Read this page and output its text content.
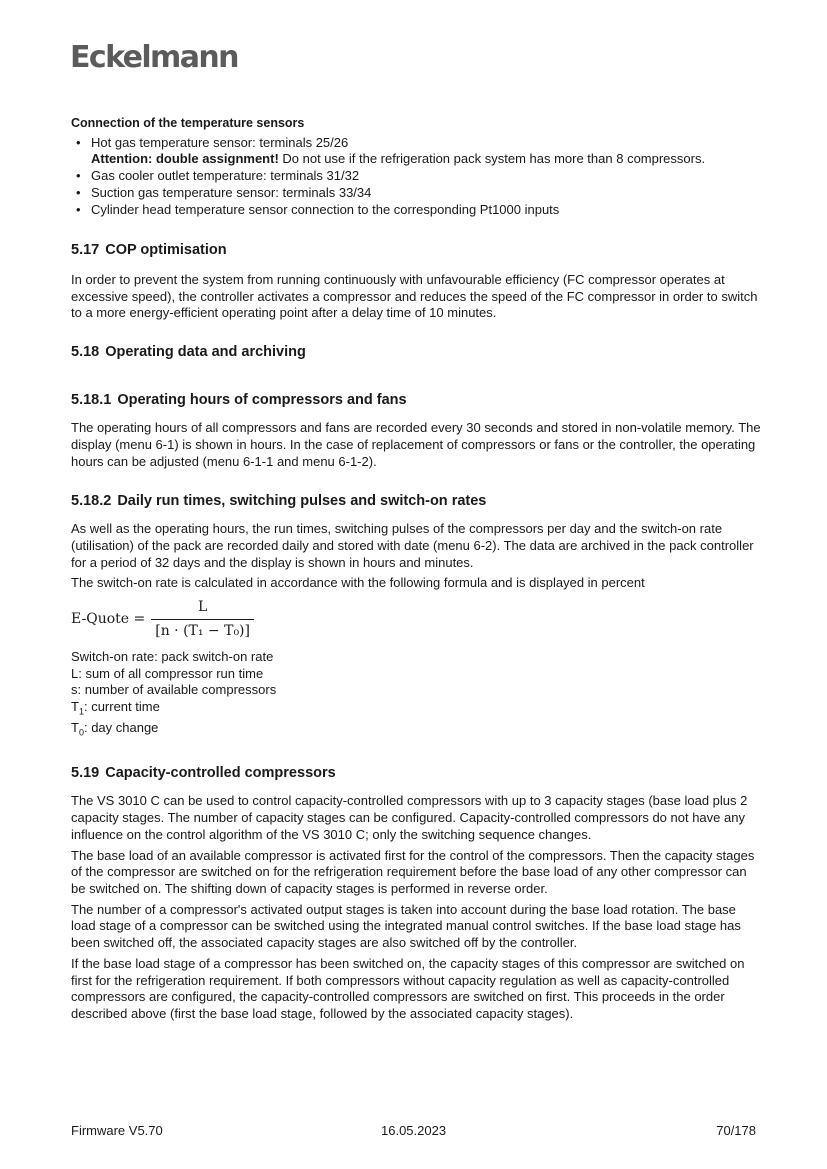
Eckelmann
Connection of the temperature sensors
• Hot gas temperature sensor: terminals 25/26
Attention: double assignment! Do not use if the refrigeration pack system has more than 8 compressors.
• Gas cooler outlet temperature: terminals 31/32
• Suction gas temperature sensor: terminals 33/34
• Cylinder head temperature sensor connection to the corresponding Pt1000 inputs
5.17 COP optimisation

In order to prevent the system from running continuously with unfavourable efficiency (FC compressor operates at excessive speed), the controller activates a compressor and reduces the speed of the FC compressor in order to switch to a more energy-efficient operating point after a delay time of 10 minutes.

5.18 Operating data and archiving
5.18.1 Operating hours of compressors and fans

The operating hours of all compressors and fans are recorded every 30 seconds and stored in non-volatile memory. The display (menu 6-1) is shown in hours. In the case of replacement of compressors or fans or the controller, the operating hours can be adjusted (menu 6-1-1 and menu 6-1-2).

5.18.2 Daily run times, switching pulses and switch-on rates

As well as the operating hours, the run times, switching pulses of the compressors per day and the switch-on rate (utilisation) of the pack are recorded daily and stored with date (menu 6-2). The data are archived in the pack controller for a period of 32 days and the display is shown in hours and minutes.

The switch-on rate is calculated in accordance with the following formula and is displayed in percent

E-Quote = $\frac{L}{\text{[n · (T₁ − T₀)]}}$
Switch-on rate: pack switch-on rate
L: sum of all compressor run time
s: number of available compressors
$T_1$: current time
$T_0$: day change
5.19 Capacity-controlled compressors

The VS 3010 C can be used to control capacity-controlled compressors with up to 3 capacity stages (base load plus 2 capacity stages. The number of capacity stages can be configured. Capacity-controlled compressors do not have any influence on the control algorithm of the VS 3010 C; only the switching sequence changes.

The base load of an available compressor is activated first for the control of the compressors. Then the capacity stages of the compressor are switched on for the refrigeration requirement before the base load of any other compressor can be switched on. The shifting down of capacity stages is performed in reverse order.

The number of a compressor's activated output stages is taken into account during the base load rotation. The base load stage of a compressor can be switched using the integrated manual control switches. If the base load stage has been switched off, the associated capacity stages are also switched off by the controller.

If the base load stage of a compressor has been switched on, the capacity stages of this compressor are switched on first for the refrigeration requirement. If both compressors without capacity regulation as well as capacity-controlled compressors are configured, the capacity-controlled compressors are switched on first. This proceeds in the order described above (first the base load stage, followed by the associated capacity stages).

Firmware V5.70	16.05.2023	70/178
